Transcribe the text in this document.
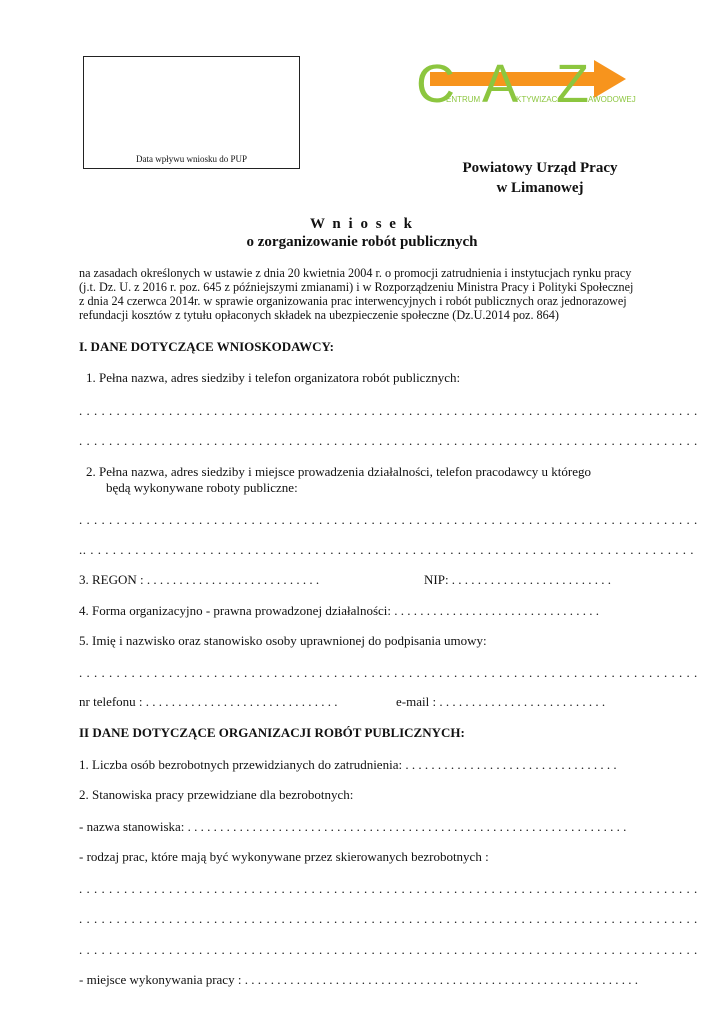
Data wpływu wniosku do PUP
C A Z
ENTRUM	KTYWIZACJI	AWODOWEJ
Powiatowy Urząd Pracy
w Limanowej
W n i o s e k
o zorganizowanie robót publicznych
na zasadach określonych w ustawie z dnia 20 kwietnia 2004 r. o promocji zatrudnienia i instytucjach rynku pracy
(j.t. Dz. U. z 2016 r. poz. 645 z późniejszymi zmianami) i w Rozporządzeniu Ministra Pracy i Polityki Społecznej
z dnia 24 czerwca 2014r. w sprawie organizowania prac interwencyjnych i robót publicznych oraz jednorazowej
refundacji kosztów z tytułu opłaconych składek na ubezpieczenie społeczne (Dz.U.2014 poz. 864)
I. DANE DOTYCZĄCE WNIOSKODAWCY:
1. Pełna nazwa, adres siedziby i telefon organizatora robót publicznych:
. . . . . . . . . . . . . . . . . . . . . . . . . . . . . . . . . . . . . . . . . . . . . . . . . . . . . . . . . . . . . . . . . . . . . . . . . . . . . . . . . . .
. . . . . . . . . . . . . . . . . . . . . . . . . . . . . . . . . . . . . . . . . . . . . . . . . . . . . . . . . . . . . . . . . . . . . . . . . . . . . . . . . . .
2. Pełna nazwa, adres siedziby i miejsce prowadzenia działalności, telefon pracodawcy u którego
będą wykonywane roboty publiczne:
. . . . . . . . . . . . . . . . . . . . . . . . . . . . . . . . . . . . . . . . . . . . . . . . . . . . . . . . . . . . . . . . . . . . . . . . . . . . . . . . . . .
.. . . . . . . . . . . . . . . . . . . . . . . . . . . . . . . . . . . . . . . . . . . . . . . . . . . . . . . . . . . . . . . . . . . . . . . . . . . . . . . . . .
3. REGON : . . . . . . . . . . . . . . . . . . . . . . . . . . .	NIP: . . . . . . . . . . . . . . . . . . . . . . . . .
4. Forma organizacyjno - prawna prowadzonej działalności: . . . . . . . . . . . . . . . . . . . . . . . . . . . . . . . .
5. Imię i nazwisko oraz stanowisko osoby uprawnionej do podpisania umowy:
. . . . . . . . . . . . . . . . . . . . . . . . . . . . . . . . . . . . . . . . . . . . . . . . . . . . . . . . . . . . . . . . . . . . . . . . . . . . . . . . . . .
nr telefonu : . . . . . . . . . . . . . . . . . . . . . . . . . . . . . .	e-mail : . . . . . . . . . . . . . . . . . . . . . . . . . .
II DANE DOTYCZĄCE ORGANIZACJI ROBÓT PUBLICZNYCH:
1. Liczba osób bezrobotnych przewidzianych do zatrudnienia: . . . . . . . . . . . . . . . . . . . . . . . . . . . . . . . . .
2. Stanowiska pracy przewidziane dla bezrobotnych:
- nazwa stanowiska: . . . . . . . . . . . . . . . . . . . . . . . . . . . . . . . . . . . . . . . . . . . . . . . . . . . . . . . . . . . . . . . . . . . .
- rodzaj prac, które mają być wykonywane przez skierowanych bezrobotnych :
. . . . . . . . . . . . . . . . . . . . . . . . . . . . . . . . . . . . . . . . . . . . . . . . . . . . . . . . . . . . . . . . . . . . . . . . . . . . . . . . . . .
. . . . . . . . . . . . . . . . . . . . . . . . . . . . . . . . . . . . . . . . . . . . . . . . . . . . . . . . . . . . . . . . . . . . . . . . . . . . . . . . . . .
. . . . . . . . . . . . . . . . . . . . . . . . . . . . . . . . . . . . . . . . . . . . . . . . . . . . . . . . . . . . . . . . . . . . . . . . . . . . . . . . . . .
- miejsce wykonywania pracy : . . . . . . . . . . . . . . . . . . . . . . . . . . . . . . . . . . . . . . . . . . . . . . . . . . . . . . . . . . . . .
